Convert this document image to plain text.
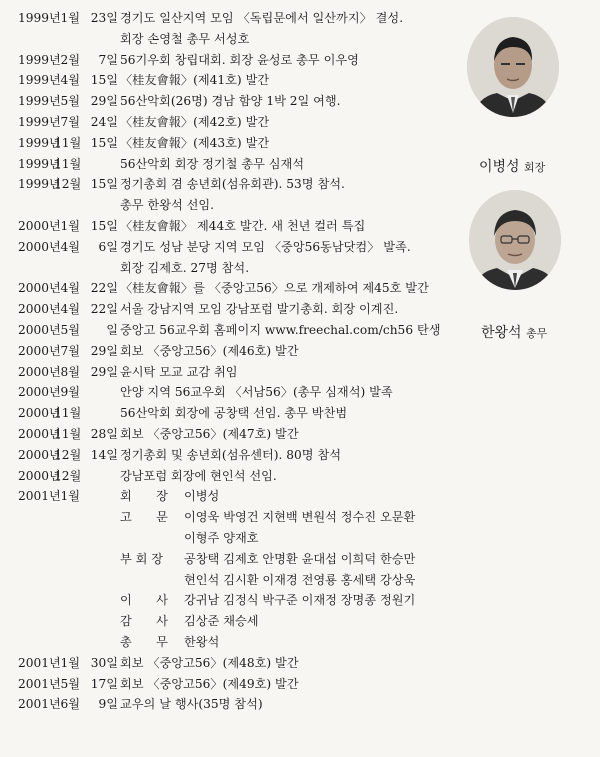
1999년1월 23일 경기도 일산지역 모임 〈독립문에서 일산까지〉 결성.
회장 손영철 총무 서성호
1999년2월 7일 56기우회 창립대회. 회장 윤성로 총무 이우영
1999년4월 15일 〈桂友會報〉(제41호) 발간
1999년5월 29일 56산악회(26명) 경남 함양 1박 2일 여행.
1999년7월 24일 〈桂友會報〉(제42호) 발간
1999년11월 15일 〈桂友會報〉(제43호) 발간
1999년11월	56산악회 회장 정기철 총무 심재석
1999년12월 15일 정기총회 겸 송년회(섬유회관). 53명 참석.
총무 한왕석 선임.
2000년1월 15일 〈桂友會報〉 제44호 발간. 새 천년 컬러 특집
2000년4월 6일 경기도 성남 분당 지역 모임 〈중앙56동남닷컴〉 발족.
회장 김제호. 27명 참석.
2000년4월 22일 〈桂友會報〉를 〈중앙고56〉으로 개제하여 제45호 발간
2000년4월 22일 서울 강남지역 모임 강남포럼 발기총회. 회장 이계진.
2000년5월 일 중앙고 56교우회 홈페이지 www.freechal.com/ch56 탄생
2000년7월 29일 회보 〈중앙고56〉(제46호) 발간
2000년8월 29일 윤시탁 모교 교감 취임
2000년9월	안양 지역 56교우회 〈서남56〉(총무 심재석) 발족
2000년11월	56산악회 회장에 공창택 선임. 총무 박찬범
2000년11월 28일 회보 〈중앙고56〉(제47호) 발간
2000년12월 14일 정기총회 및 송년회(섬유센터). 80명 참석
2000년12월	강남포럼 회장에 현인석 선임.
2001년1월	회　　장	이병성
고　　문	이영욱 박영건 지현백 변원석 정수진 오문환
이형주 양재호
부 회 장	공창택 김제호 안명환 윤대섭 이희덕 한승만
현인석 김시환 이재경 전영룡 홍세택 강상욱
이　　사	강귀남 김정식 박구준 이재정 장명종 정원기
감　　사	김상준 채승세
총　　무	한왕석
2001년1월 30일 회보 〈중앙고56〉(제48호) 발간
2001년5월 17일 회보 〈중앙고56〉(제49호) 발간
2001년6월 9일 교우의 날 행사(35명 참석)
이병성 회장
한왕석 총무
